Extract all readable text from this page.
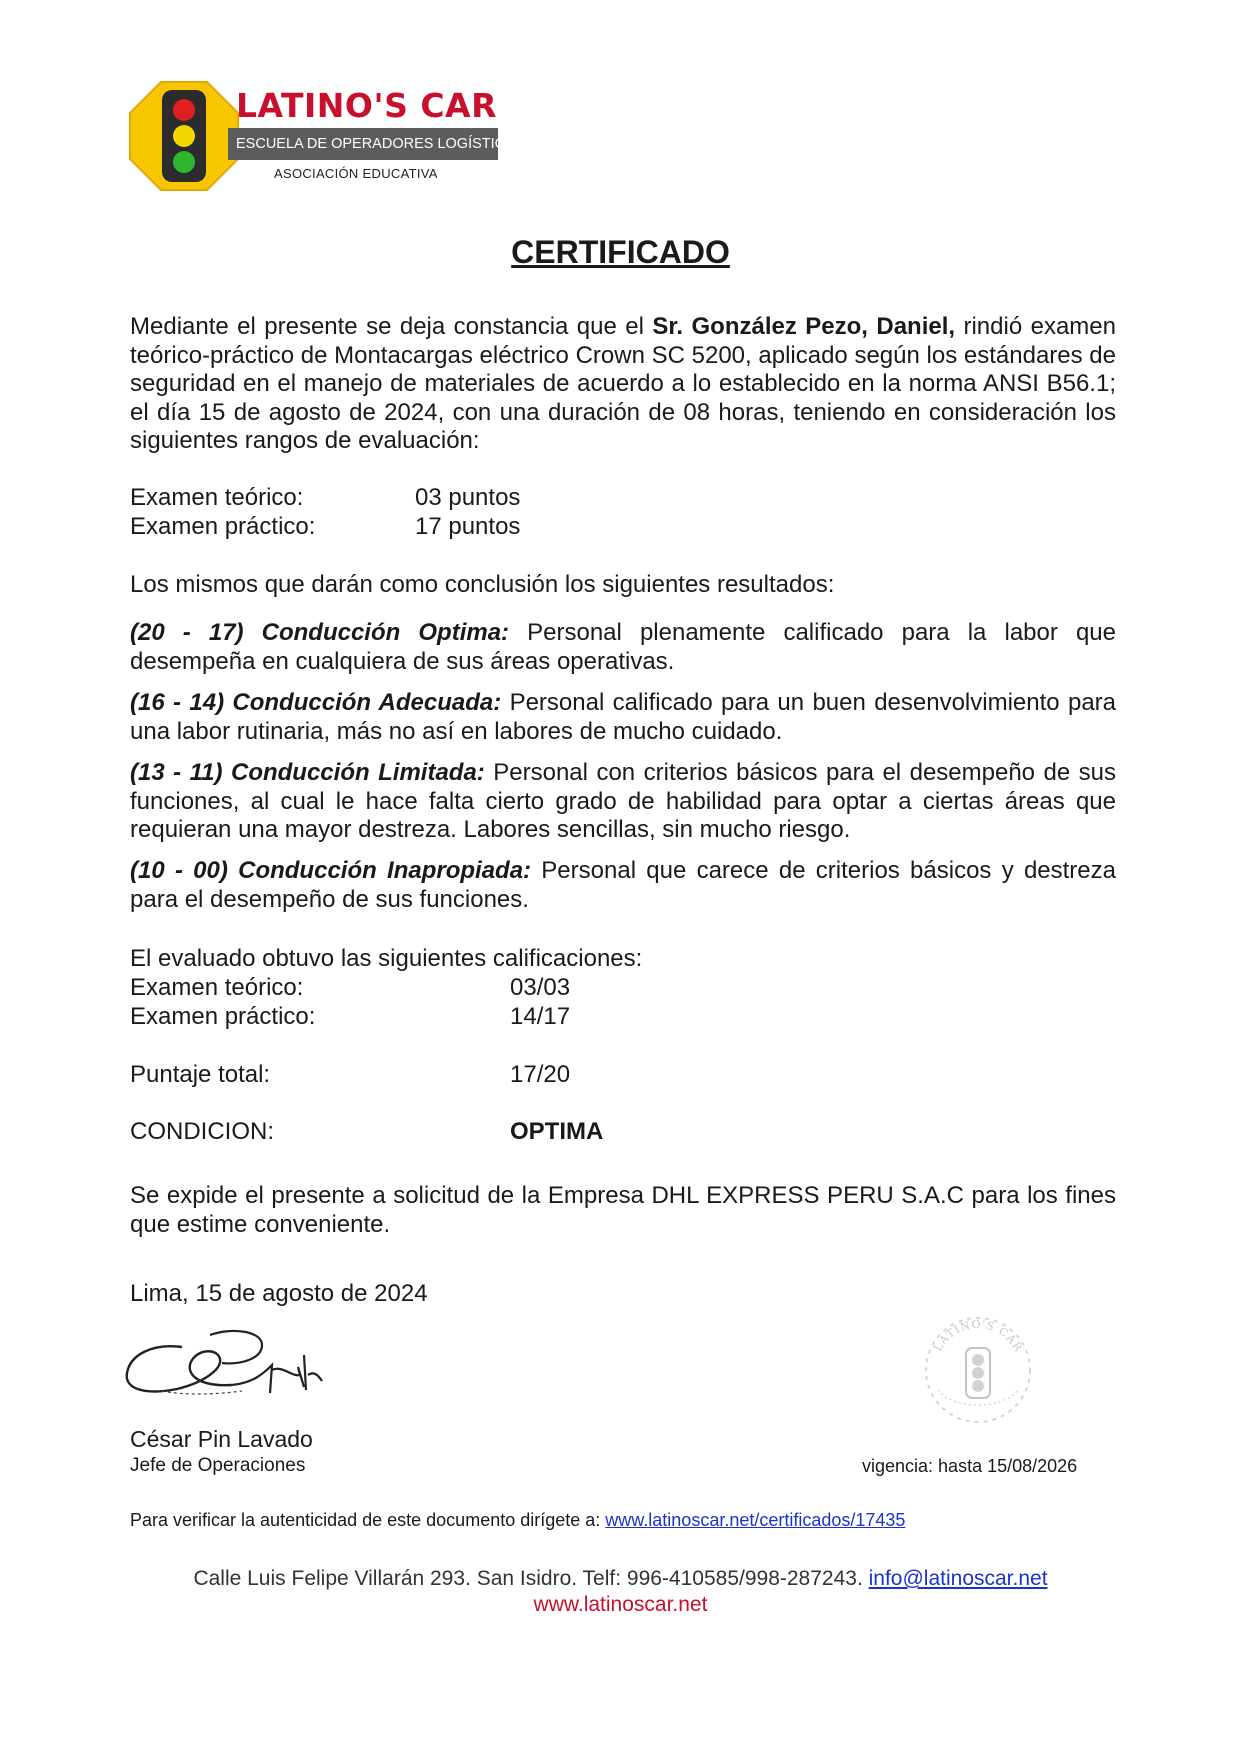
LATINO'S CAR
ESCUELA DE OPERADORES LOGÍSTICOS
ASOCIACIÓN EDUCATIVA
CERTIFICADO
Mediante el presente se deja constancia que el Sr. González Pezo, Daniel, rindió examen teórico-práctico de Montacargas eléctrico Crown SC 5200, aplicado según los estándares de seguridad en el manejo de materiales de acuerdo a lo establecido en la norma ANSI B56.1; el día 15 de agosto de 2024, con una duración de 08 horas, teniendo en consideración los siguientes rangos de evaluación:
Examen teórico:	03 puntos
Examen práctico:	17 puntos
Los mismos que darán como conclusión los siguientes resultados:
(20 - 17) Conducción Optima: Personal plenamente calificado para la labor que desempeña en cualquiera de sus áreas operativas.
(16 - 14) Conducción Adecuada: Personal calificado para un buen desenvolvimiento para una labor rutinaria, más no así en labores de mucho cuidado.
(13 - 11) Conducción Limitada: Personal con criterios básicos para el desempeño de sus funciones, al cual le hace falta cierto grado de habilidad para optar a ciertas áreas que requieran una mayor destreza. Labores sencillas, sin mucho riesgo.
(10 - 00) Conducción Inapropiada: Personal que carece de criterios básicos y destreza para el desempeño de sus funciones.
El evaluado obtuvo las siguientes calificaciones:
Examen teórico:	03/03
Examen práctico:	14/17
Puntaje total:	17/20
CONDICION:	OPTIMA
Se expide el presente a solicitud de la Empresa DHL EXPRESS PERU S.A.C para los fines que estime conveniente.
Lima, 15 de agosto de 2024
LATINO'S CAR
César Pin Lavado
Jefe de Operaciones	vigencia: hasta 15/08/2026
Para verificar la autenticidad de este documento dirígete a: www.latinoscar.net/certificados/17435
Calle Luis Felipe Villarán 293. San Isidro. Telf: 996-410585/998-287243. info@latinoscar.net
www.latinoscar.net
